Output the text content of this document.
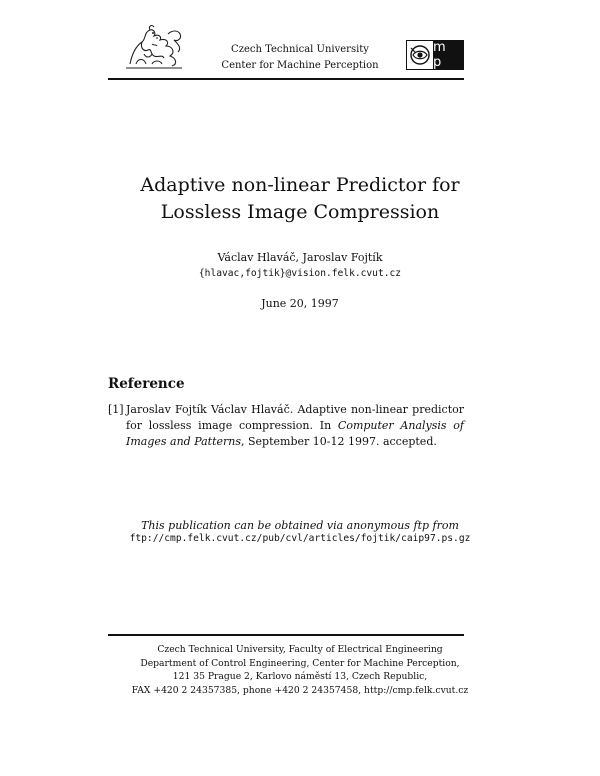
Czech Technical University
Center for Machine Perception
m p
Adaptive non-linear Predictor for
Lossless Image Compression
Václav Hlaváč, Jaroslav Fojtík
{hlavac,fojtik}@vision.felk.cvut.cz
June 20, 1997
Reference
[1] Jaroslav Fojtík Václav Hlaváč. Adaptive non-linear predictor for lossless image compression. In Computer Analysis of Images and Patterns, September 10-12 1997. accepted.
This publication can be obtained via anonymous ftp from
ftp://cmp.felk.cvut.cz/pub/cvl/articles/fojtik/caip97.ps.gz
Czech Technical University, Faculty of Electrical Engineering
Department of Control Engineering, Center for Machine Perception,
121 35 Prague 2, Karlovo náměstí 13, Czech Republic,
FAX +420 2 24357385, phone +420 2 24357458, http://cmp.felk.cvut.cz
